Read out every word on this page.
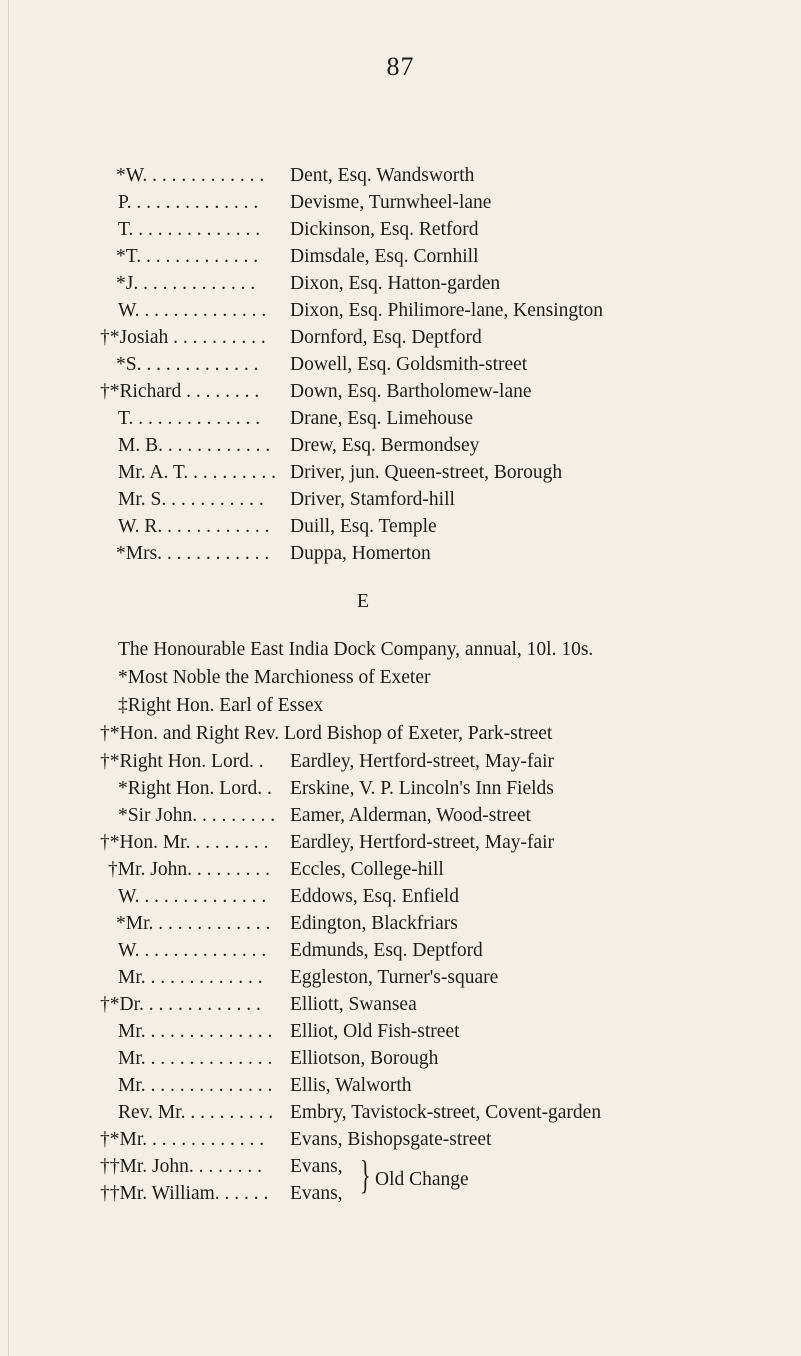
87
*W. . . . . . . . . . . . . Dent, Esq. Wandsworth
P. . . . . . . . . . . . . . Devisme, Turnwheel-lane
T. . . . . . . . . . . . . . Dickinson, Esq. Retford
*T. . . . . . . . . . . . . Dimsdale, Esq. Cornhill
*J. . . . . . . . . . . . . Dixon, Esq. Hatton-garden
W. . . . . . . . . . . . . . Dixon, Esq. Philimore-lane, Kensington
†*Josiah . . . . . . . . . . Dornford, Esq. Deptford
*S. . . . . . . . . . . . . Dowell, Esq. Goldsmith-street
†*Richard . . . . . . . . Down, Esq. Bartholomew-lane
T. . . . . . . . . . . . . . Drane, Esq. Limehouse
M. B. . . . . . . . . . . . Drew, Esq. Bermondsey
Mr. A. T. . . . . . . . . . Driver, jun. Queen-street, Borough
Mr. S. . . . . . . . . . . Driver, Stamford-hill
W. R. . . . . . . . . . . . Duill, Esq. Temple
*Mrs. . . . . . . . . . . . Duppa, Homerton
E
The Honourable East India Dock Company, annual, 10l. 10s.
*Most Noble the Marchioness of Exeter
‡Right Hon. Earl of Essex
†*Hon. and Right Rev. Lord Bishop of Exeter, Park-street
†*Right Hon. Lord. . Eardley, Hertford-street, May-fair
*Right Hon. Lord. . Erskine, V. P. Lincoln's Inn Fields
*Sir John. . . . . . . . . Eamer, Alderman, Wood-street
†*Hon. Mr. . . . . . . . . Eardley, Hertford-street, May-fair
†Mr. John. . . . . . . . . Eccles, College-hill
W. . . . . . . . . . . . . . Eddows, Esq. Enfield
*Mr. . . . . . . . . . . . . Edington, Blackfriars
W. . . . . . . . . . . . . . Edmunds, Esq. Deptford
Mr. . . . . . . . . . . . . Eggleston, Turner's-square
†*Dr. . . . . . . . . . . . . Elliott, Swansea
Mr. . . . . . . . . . . . . . Elliot, Old Fish-street
Mr. . . . . . . . . . . . . . Elliotson, Borough
Mr. . . . . . . . . . . . . . Ellis, Walworth
Rev. Mr. . . . . . . . . . Embry, Tavistock-street, Covent-garden
†*Mr. . . . . . . . . . . . . Evans, Bishopsgate-street
††Mr. John. . . . . . . . Evans,
††Mr. William. . . . . . Evans, } Old Change
